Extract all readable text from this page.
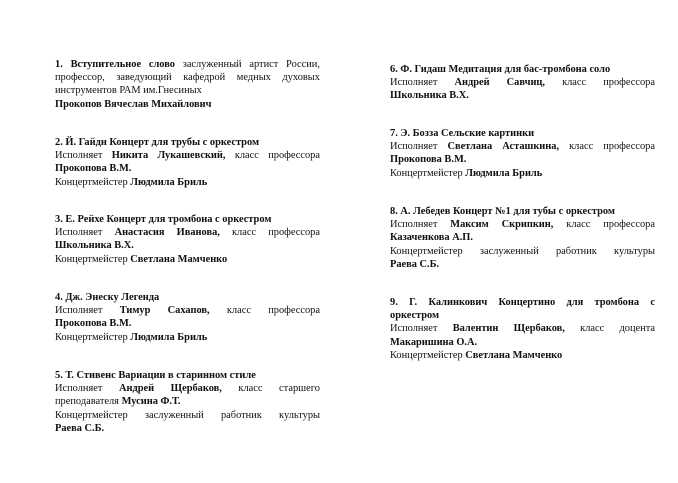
1. Вступительное слово заслуженный артист России,
профессор, заведующий кафедрой медных духовых
инструментов РАМ им.Гнесиных
Прокопов Вячеслав Михайлович
2. Й. Гайдн Концерт для трубы с оркестром
Исполняет Никита Лукашевский, класс профессора
Прокопова В.М.
Концертмейстер Людмила Бриль
3. Е. Рейхе Концерт для тромбона с оркестром
Исполняет Анастасия Иванова, класс профессора
Школьника В.Х.
Концертмейстер Светлана Мамченко
4. Дж. Энеску Легенда
Исполняет Тимур Сахапов, класс профессора
Прокопова В.М.
Концертмейстер Людмила Бриль
5. Т. Стивенс Вариации в старинном стиле
Исполняет Андрей Щербаков, класс старшего
преподавателя Мусина Ф.Т.
Концертмейстер заслуженный работник культуры
Раева С.Б.
6. Ф. Гидаш Медитация для бас-тромбона соло
Исполняет Андрей Савчиц, класс профессора
Школьника В.Х.
7. Э. Бозза Сельские картинки
Исполняет Светлана Асташкина, класс профессора
Прокопова В.М.
Концертмейстер Людмила Бриль
8. А. Лебедев Концерт №1 для тубы с оркестром
Исполняет Максим Скрипкин, класс профессора
Казаченкова А.П.
Концертмейстер заслуженный работник культуры
Раева С.Б.
9. Г. Калинкович Концертино для тромбона с
оркестром
Исполняет Валентин Щербаков, класс доцента
Макаришина О.А.
Концертмейстер Светлана Мамченко
